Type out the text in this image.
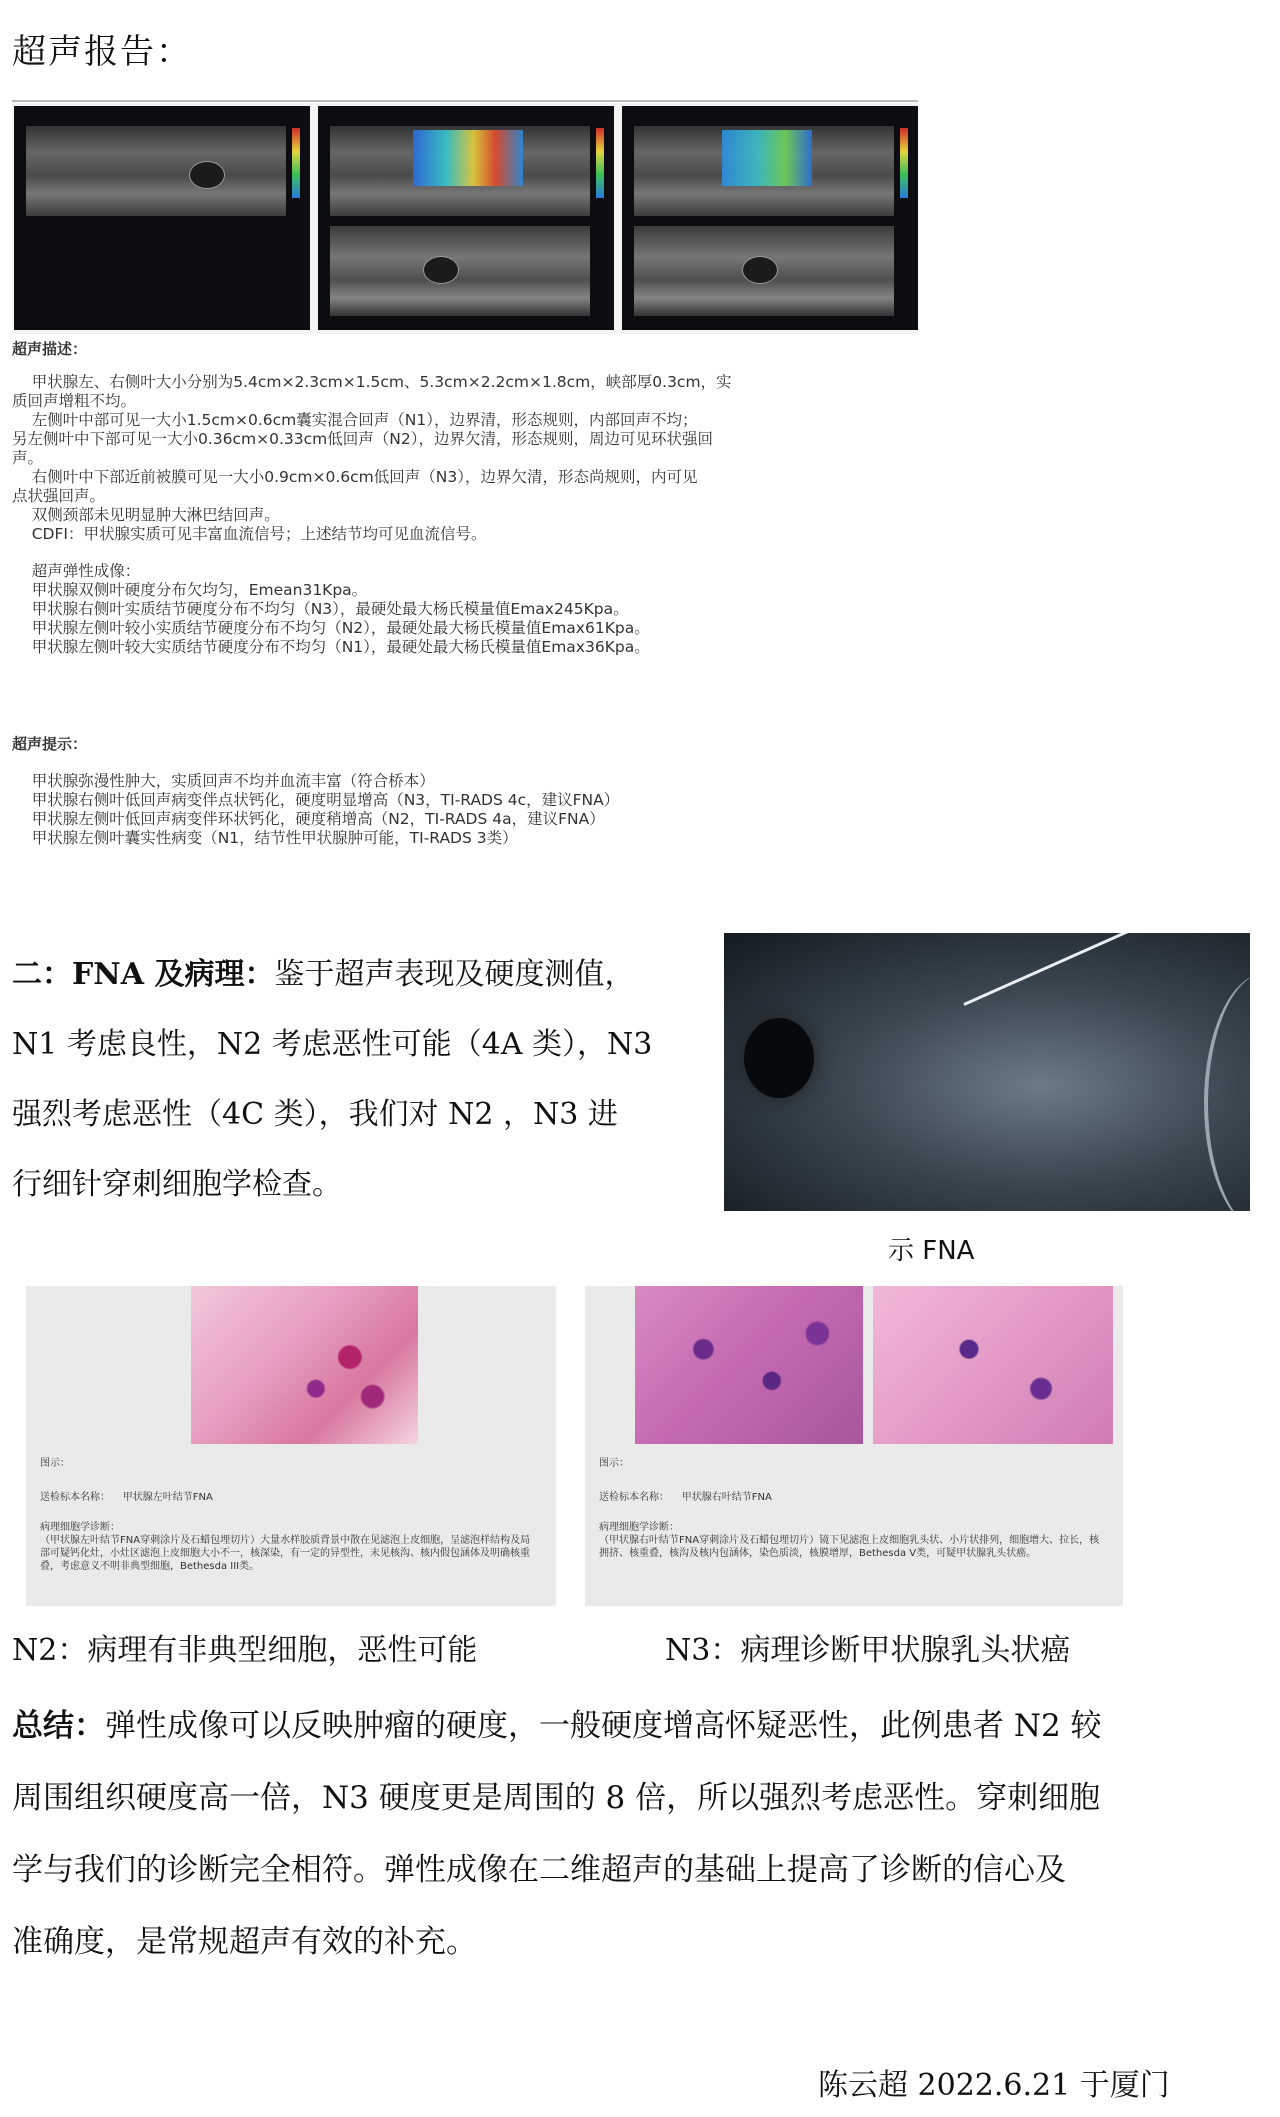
超声报告：

超声描述：

甲状腺左、右侧叶大小分别为5.4cm×2.3cm×1.5cm、5.3cm×2.2cm×1.8cm，峡部厚0.3cm，实

质回声增粗不均。

左侧叶中部可见一大小1.5cm×0.6cm囊实混合回声（N1），边界清，形态规则，内部回声不均；

另左侧叶中下部可见一大小0.36cm×0.33cm低回声（N2），边界欠清，形态规则，周边可见环状强回

声。

右侧叶中下部近前被膜可见一大小0.9cm×0.6cm低回声（N3），边界欠清，形态尚规则，内可见

点状强回声。

双侧颈部未见明显肿大淋巴结回声。

CDFI：甲状腺实质可见丰富血流信号；上述结节均可见血流信号。

超声弹性成像：

甲状腺双侧叶硬度分布欠均匀，Emean31Kpa。

甲状腺右侧叶实质结节硬度分布不均匀（N3），最硬处最大杨氏模量值Emax245Kpa。

甲状腺左侧叶较小实质结节硬度分布不均匀（N2），最硬处最大杨氏模量值Emax61Kpa。

甲状腺左侧叶较大实质结节硬度分布不均匀（N1），最硬处最大杨氏模量值Emax36Kpa。

超声提示：

甲状腺弥漫性肿大，实质回声不均并血流丰富（符合桥本）

甲状腺右侧叶低回声病变伴点状钙化，硬度明显增高（N3，TI-RADS 4c，建议FNA）

甲状腺左侧叶低回声病变伴环状钙化，硬度稍增高（N2，TI-RADS 4a，建议FNA）

甲状腺左侧叶囊实性病变（N1，结节性甲状腺肿可能，TI-RADS 3类）

二：FNA 及病理：鉴于超声表现及硬度测值，
N1 考虑良性，N2 考虑恶性可能（4A 类），N3
强烈考虑恶性（4C 类），我们对 N2 ，N3 进
行细针穿刺细胞学检查。
示 FNA
图示：
送检标本名称： 甲状腺左叶结节FNA
病理细胞学诊断：
（甲状腺左叶结节FNA穿刺涂片及石蜡包埋切片）大量水样胶质背景中散在见滤泡上皮细胞，呈滤泡样结构及局部可疑钙化灶，小灶区滤泡上皮细胞大小不一，核深染，有一定的异型性，未见核沟、核内假包涵体及明确核重叠，考虑意义不明非典型细胞，Bethesda III类。
图示：
送检标本名称： 甲状腺右叶结节FNA
病理细胞学诊断：
（甲状腺右叶结节FNA穿刺涂片及石蜡包埋切片）镜下见滤泡上皮细胞乳头状、小片状排列，细胞增大、拉长，核拥挤、核重叠，核沟及核内包涵体，染色质淡，核膜增厚，Bethesda V类，可疑甲状腺乳头状癌。
N2：病理有非典型细胞，恶性可能	N3：病理诊断甲状腺乳头状癌
总结：弹性成像可以反映肿瘤的硬度，一般硬度增高怀疑恶性，此例患者 N2 较
周围组织硬度高一倍，N3 硬度更是周围的 8 倍，所以强烈考虑恶性。穿刺细胞
学与我们的诊断完全相符。弹性成像在二维超声的基础上提高了诊断的信心及
准确度，是常规超声有效的补充。
陈云超 2022.6.21 于厦门
